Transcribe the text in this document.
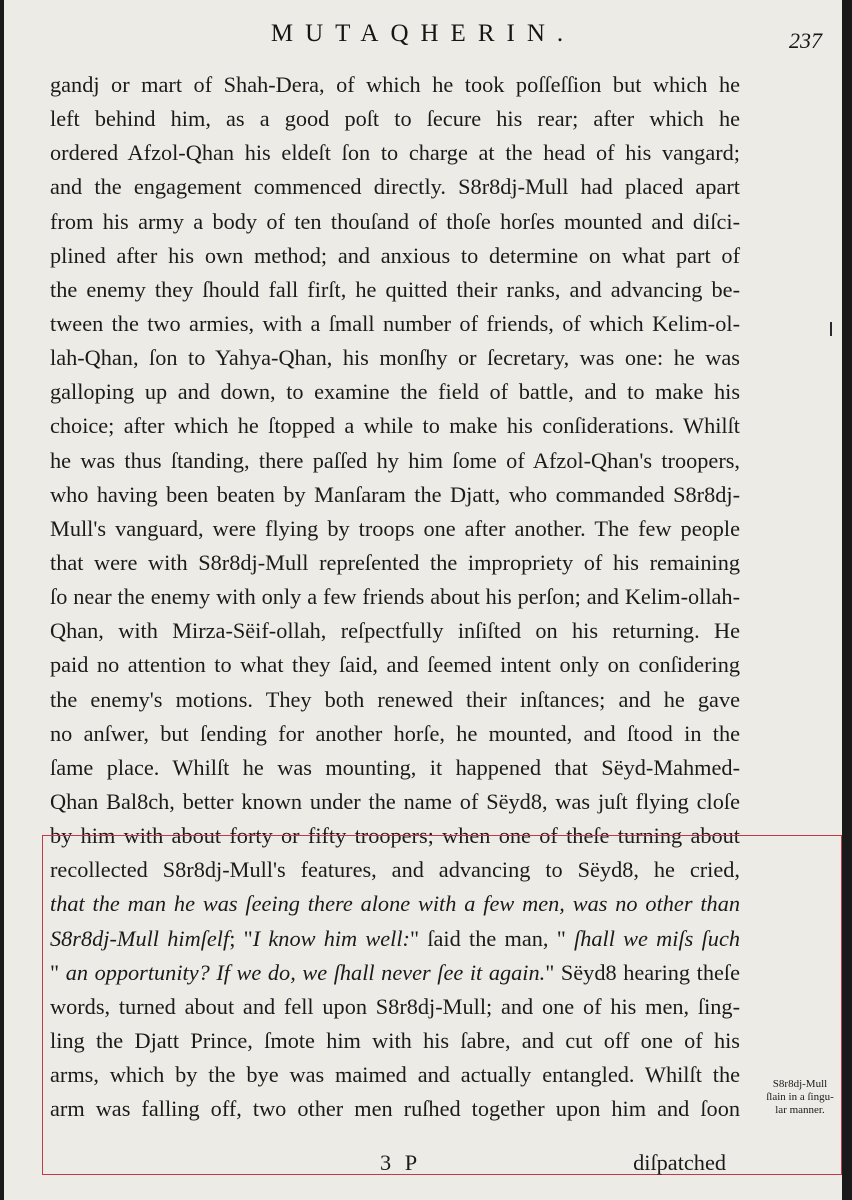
MUTAQHERIN.	237
gandj or mart of Shah-Dera, of which he took poſſeſſion but which he
left behind him, as a good poſt to ſecure his rear; after which he
ordered Afzol-Qhan his eldeſt ſon to charge at the head of his vangard;
and the engagement commenced directly. S8r8dj-Mull had placed apart
from his army a body of ten thouſand of thoſe horſes mounted and diſci-
plined after his own method; and anxious to determine on what part of
the enemy they ſhould fall firſt, he quitted their ranks, and advancing be-
tween the two armies, with a ſmall number of friends, of which Kelim-ol-
lah-Qhan, ſon to Yahya-Qhan, his monſhy or ſecretary, was one: he was
galloping up and down, to examine the field of battle, and to make his
choice; after which he ſtopped a while to make his conſiderations. Whilſt
he was thus ſtanding, there paſſed hy him ſome of Afzol-Qhan's troopers,
who having been beaten by Manſaram the Djatt, who commanded S8r8dj-
Mull's vanguard, were flying by troops one after another. The few people
that were with S8r8dj-Mull repreſented the impropriety of his remaining
ſo near the enemy with only a few friends about his perſon; and Kelim-ollah-
Qhan, with Mirza-Sëif-ollah, reſpectfully inſiſted on his returning. He
paid no attention to what they ſaid, and ſeemed intent only on conſidering
the enemy's motions. They both renewed their inſtances; and he gave
no anſwer, but ſending for another horſe, he mounted, and ſtood in the
ſame place. Whilſt he was mounting, it happened that Sëyd-Mahmed-
Qhan Bal8ch, better known under the name of Sëyd8, was juſt flying cloſe
by him with about forty or fifty troopers; when one of theſe turning about
recollected S8r8dj-Mull's features, and advancing to Sëyd8, he cried,
that the man he was ſeeing there alone with a few men, was no other than
S8r8dj-Mull himſelf; "I know him well:" ſaid the man, " ſhall we miſs ſuch
" an opportunity? If we do, we ſhall never ſee it again." Sëyd8 hearing theſe
words, turned about and fell upon S8r8dj-Mull; and one of his men, ſing-
ling the Djatt Prince, ſmote him with his ſabre, and cut off one of his
arms, which by the bye was maimed and actually entangled. Whilſt the
arm was falling off, two other men ruſhed together upon him and ſoon
S8r8dj-Mull
ſlain in a ſingu-
lar manner.
3 P	diſpatched
